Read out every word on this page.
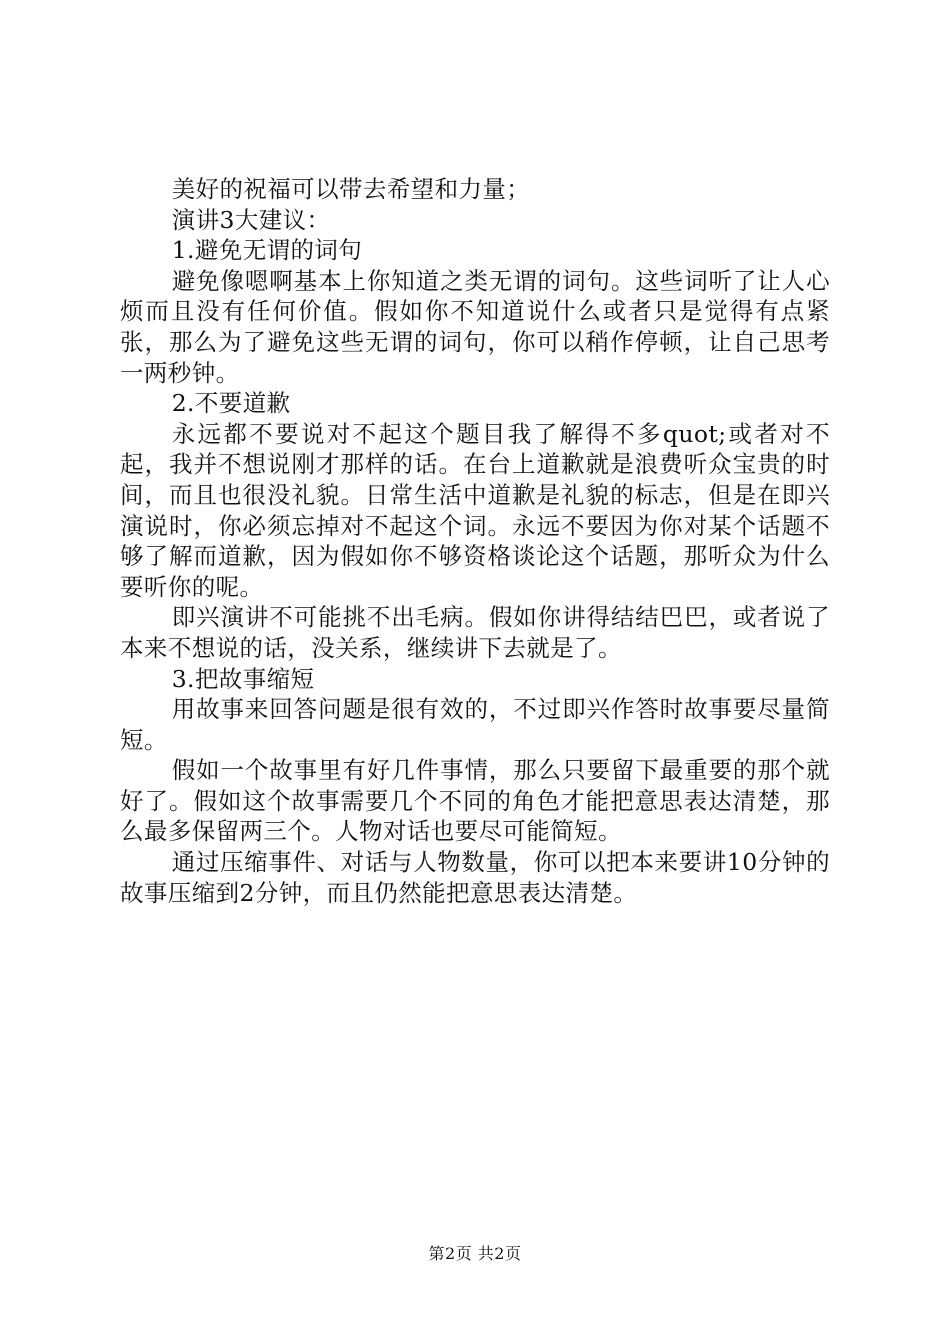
美好的祝福可以带去希望和力量；

演讲3大建议：

1.避免无谓的词句

避免像嗯啊基本上你知道之类无谓的词句。这些词听了让人心烦而且没有任何价值。假如你不知道说什么或者只是觉得有点紧张，那么为了避免这些无谓的词句，你可以稍作停顿，让自己思考一两秒钟。

2.不要道歉

永远都不要说对不起这个题目我了解得不多quot;或者对不起，我并不想说刚才那样的话。在台上道歉就是浪费听众宝贵的时间，而且也很没礼貌。日常生活中道歉是礼貌的标志，但是在即兴演说时，你必须忘掉对不起这个词。永远不要因为你对某个话题不够了解而道歉，因为假如你不够资格谈论这个话题，那听众为什么要听你的呢。

即兴演讲不可能挑不出毛病。假如你讲得结结巴巴，或者说了本来不想说的话，没关系，继续讲下去就是了。

3.把故事缩短

用故事来回答问题是很有效的，不过即兴作答时故事要尽量简短。

假如一个故事里有好几件事情，那么只要留下最重要的那个就好了。假如这个故事需要几个不同的角色才能把意思表达清楚，那么最多保留两三个。人物对话也要尽可能简短。

通过压缩事件、对话与人物数量，你可以把本来要讲10分钟的故事压缩到2分钟，而且仍然能把意思表达清楚。

第2页 共2页
